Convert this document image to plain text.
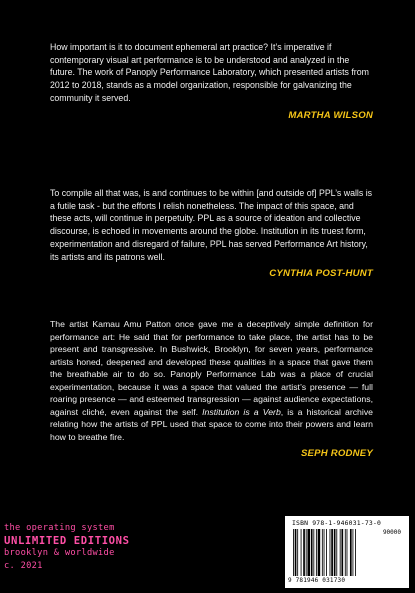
How important is it to document ephemeral art practice? It’s imperative if contemporary visual art performance is to be understood and analyzed in the future. The work of Panoply Performance Laboratory, which presented artists from 2012 to 2018, stands as a model organization, responsible for galvanizing the community it served.

MARTHA WILSON

To compile all that was, is and continues to be within [and outside of] PPL’s walls is a futile task - but the efforts I relish nonetheless. The impact of this space, and these acts, will continue in perpetuity. PPL as a source of ideation and collective discourse, is echoed in movements around the globe. Institution in its truest form, experimentation and disregard of failure, PPL has served Performance Art history, its artists and its patrons well.

CYNTHIA POST-HUNT

The artist Kamau Amu Patton once gave me a deceptively simple definition for performance art: He said that for performance to take place, the artist has to be present and transgressive. In Bushwick, Brooklyn, for seven years, performance artists honed, deepened and developed these qualities in a space that gave them the breathable air to do so. Panoply Performance Lab was a place of crucial experimentation, because it was a space that valued the artist’s presence — full roaring presence — and esteemed transgression — against audience expectations, against cliché, even against the self. Institution is a Verb, is a historical archive relating how the artists of PPL used that space to come into their powers and learn how to breathe fire.

SEPH RODNEY
the operating system
UNLIMITED EDITIONS
brooklyn & worldwide
c. 2021
ISBN 978-1-946031-73-0
90000
9 781946 031730
